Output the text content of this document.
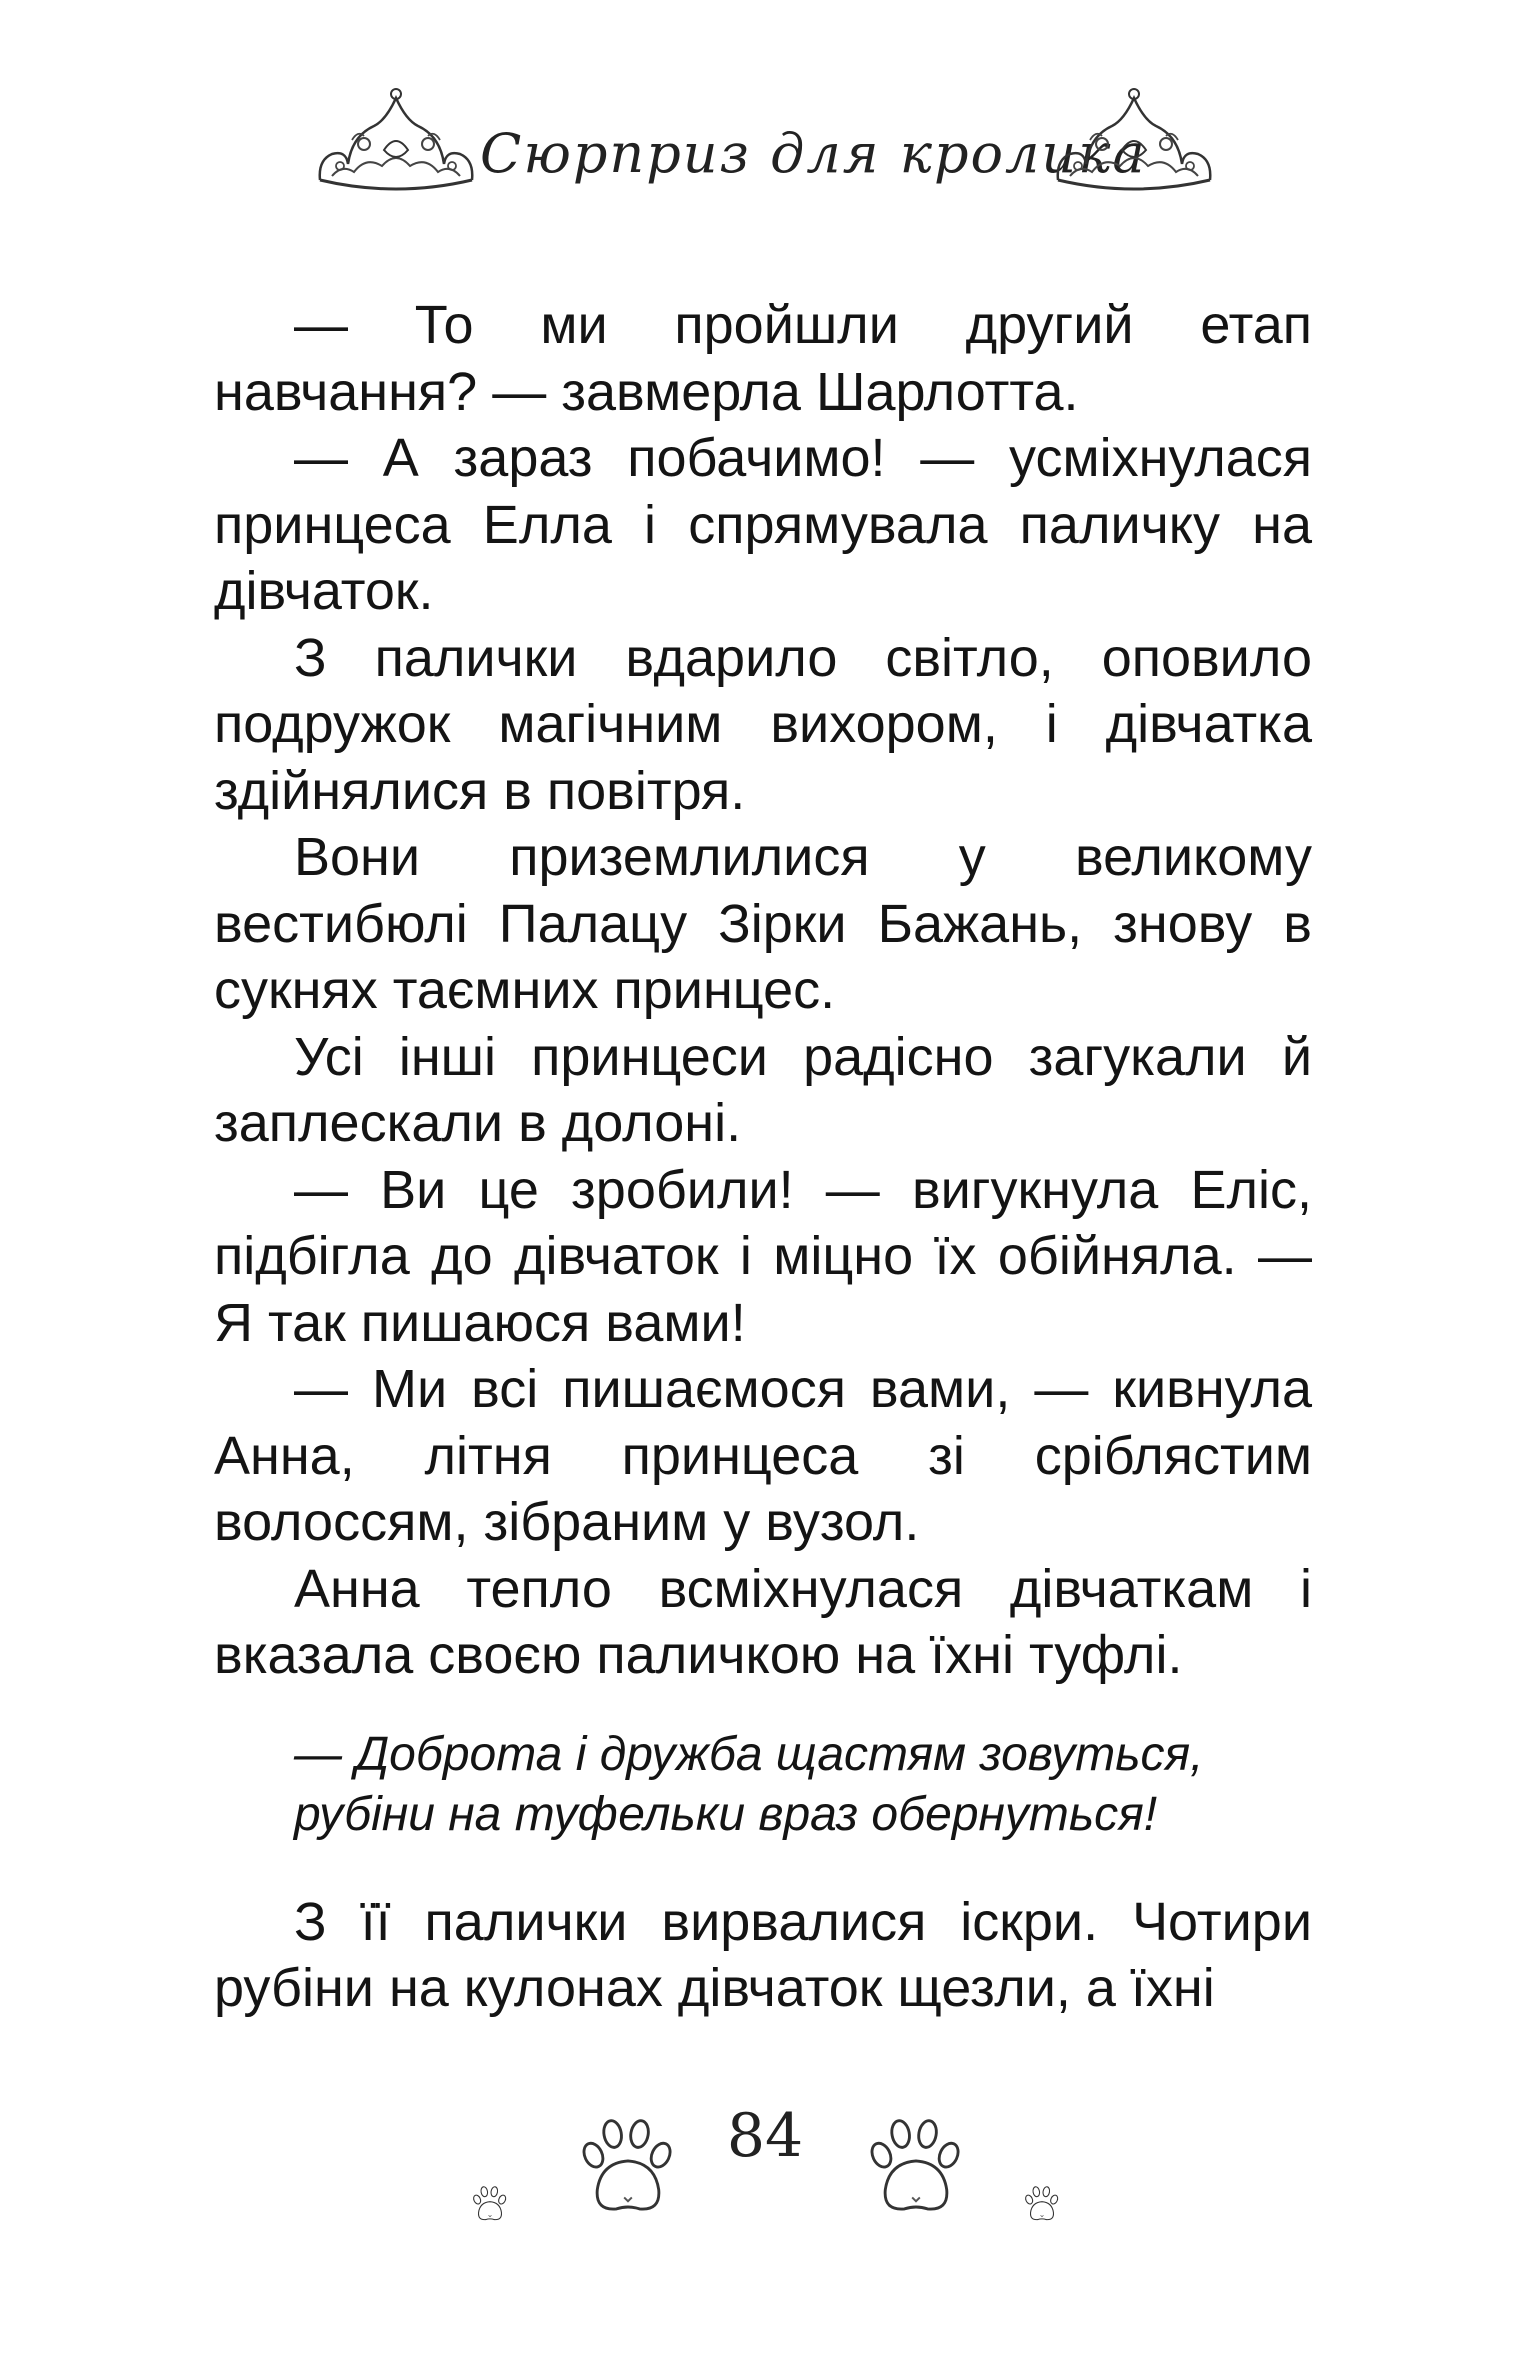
Сюрприз для кролика

— То ми пройшли другий етап навчання? — завмерла Шарлотта.

— А зараз побачимо! — усміхнулася принцеса Елла і спрямувала паличку на дівчаток.

З палички вдарило світло, оповило подружок магічним вихором, і дівчатка здійнялися в повітря.

Вони приземлилися у великому вестибюлі Палацу Зірки Бажань, знову в сукнях таємних принцес.

Усі інші принцеси радісно загукали й заплескали в долоні.

— Ви це зробили! — вигукнула Еліс, підбігла до дівчаток і міцно їх обійняла. — Я так пишаюся вами!

— Ми всі пишаємося вами, — кивнула Анна, літня принцеса зі сріблястим волоссям, зібраним у вузол.

Анна тепло всміхнулася дівчаткам і вказала своєю паличкою на їхні туфлі.

— Доброта і дружба щастям зовуться,
рубіни на туфельки враз обернуться!

З її палички вирвалися іскри. Чотири рубіни на кулонах дівчаток щезли, а їхні

84
